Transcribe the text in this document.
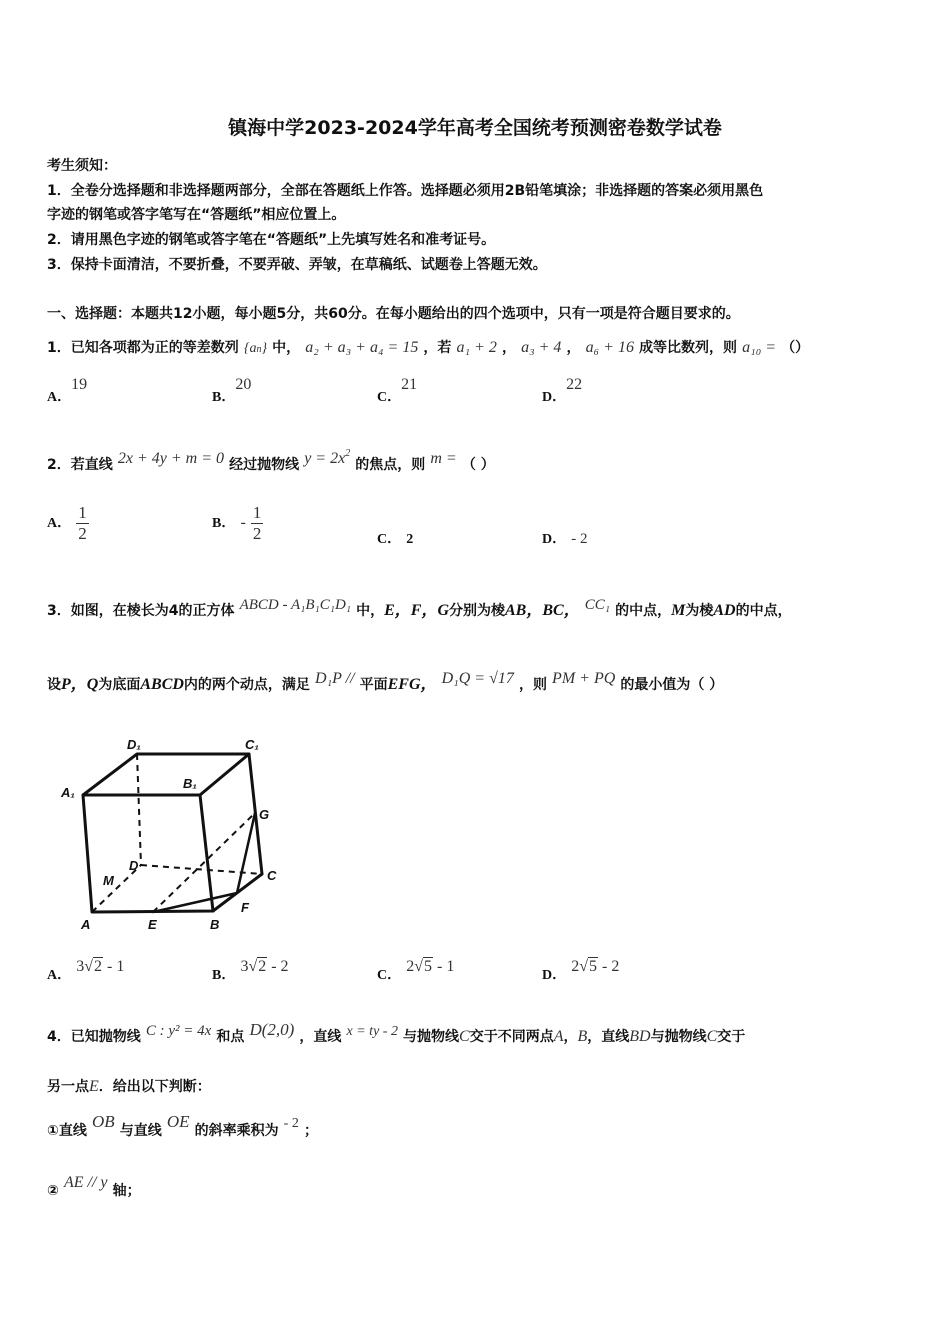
镇海中学2023-2024学年高考全国统考预测密卷数学试卷
考生须知：
1．全卷分选择题和非选择题两部分，全部在答题纸上作答。选择题必须用2B铅笔填涂；非选择题的答案必须用黑色
字迹的钢笔或答字笔写在“答题纸”相应位置上。
2．请用黑色字迹的钢笔或答字笔在“答题纸”上先填写姓名和准考证号。
3．保持卡面清洁，不要折叠，不要弄破、弄皱，在草稿纸、试题卷上答题无效。
一、选择题：本题共12小题，每小题5分，共60分。在每小题给出的四个选项中，只有一项是符合题目要求的。
1．已知各项都为正的等差数列 {an} 中， a₂ + a₃ + a₄ = 15 ，若 a₁ + 2 ， a₃ + 4 ， a₆ + 16 成等比数列，则 a₁₀ = （）
A．19
B．20
C．21
D．22
2．若直线 2x + 4y + m = 0 经过抛物线 $y = 2x^2$ 的焦点，则 m = （ ）
A． $\frac{1}{2}$	B． - $\frac{1}{2}$	C． 2	D． - 2
3．如图，在棱长为4的正方体 ABCD - A₁B₁C₁D₁ 中，E，F，G分别为棱AB，BC， CC₁ 的中点，M为棱AD的中点，
设P，Q为底面ABCD内的两个动点，满足 D₁P // 平面EFG， D₁Q = √17 ，则 PM + PQ 的最小值为（ ）
D₁	C₁
A₁
B₁
G
D
C
M
F
A	E	B
A． 3√2 - 1
B． 3√2 - 2
C． 2√5 - 1
D． 2√5 - 2
4．已知抛物线 C : y² = 4x 和点 D(2,0) ，直线 x = ty - 2 与抛物线C交于不同两点A，B，直线BD与抛物线C交于
另一点E．给出以下判断：
①直线 OB 与直线 OE 的斜率乘积为 - 2 ；
② AE // y 轴；
